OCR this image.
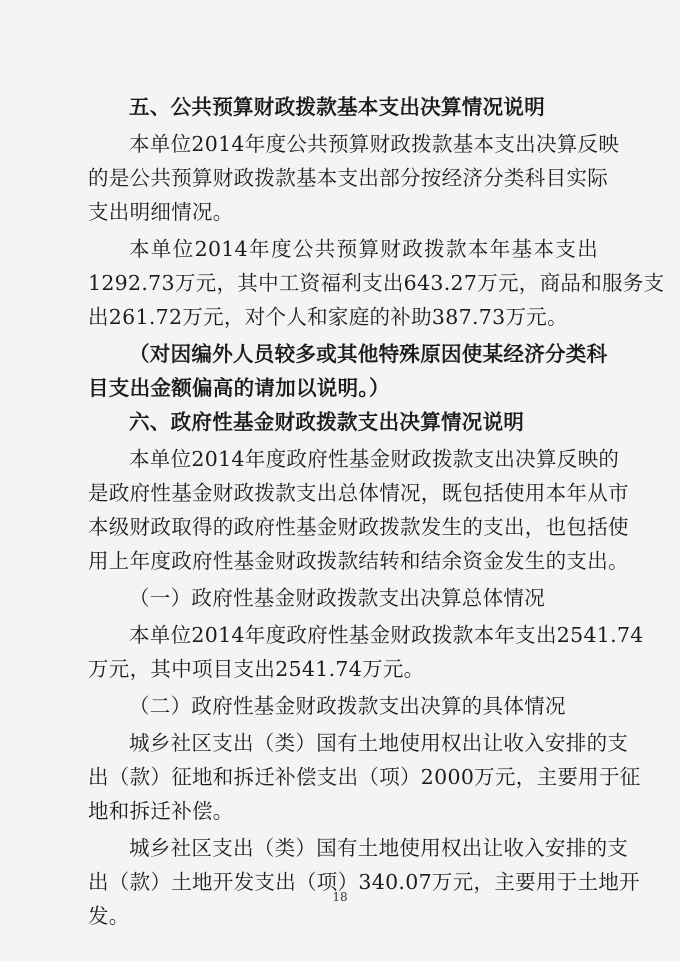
五、公共预算财政拨款基本支出决算情况说明
本单位2014年度公共预算财政拨款基本支出决算反映
的是公共预算财政拨款基本支出部分按经济分类科目实际
支出明细情况。
本单位2014年度公共预算财政拨款本年基本支出
1292.73万元，其中工资福利支出643.27万元，商品和服务支
出261.72万元，对个人和家庭的补助387.73万元。
（对因编外人员较多或其他特殊原因使某经济分类科
目支出金额偏高的请加以说明。）
六、政府性基金财政拨款支出决算情况说明
本单位2014年度政府性基金财政拨款支出决算反映的
是政府性基金财政拨款支出总体情况，既包括使用本年从市
本级财政取得的政府性基金财政拨款发生的支出，也包括使
用上年度政府性基金财政拨款结转和结余资金发生的支出。
（一）政府性基金财政拨款支出决算总体情况
本单位2014年度政府性基金财政拨款本年支出2541.74
万元，其中项目支出2541.74万元。
（二）政府性基金财政拨款支出决算的具体情况
城乡社区支出（类）国有土地使用权出让收入安排的支
出（款）征地和拆迁补偿支出（项）2000万元，主要用于征
地和拆迁补偿。
城乡社区支出（类）国有土地使用权出让收入安排的支
出（款）土地开发支出（项）340.07万元，主要用于土地开
发。
18
